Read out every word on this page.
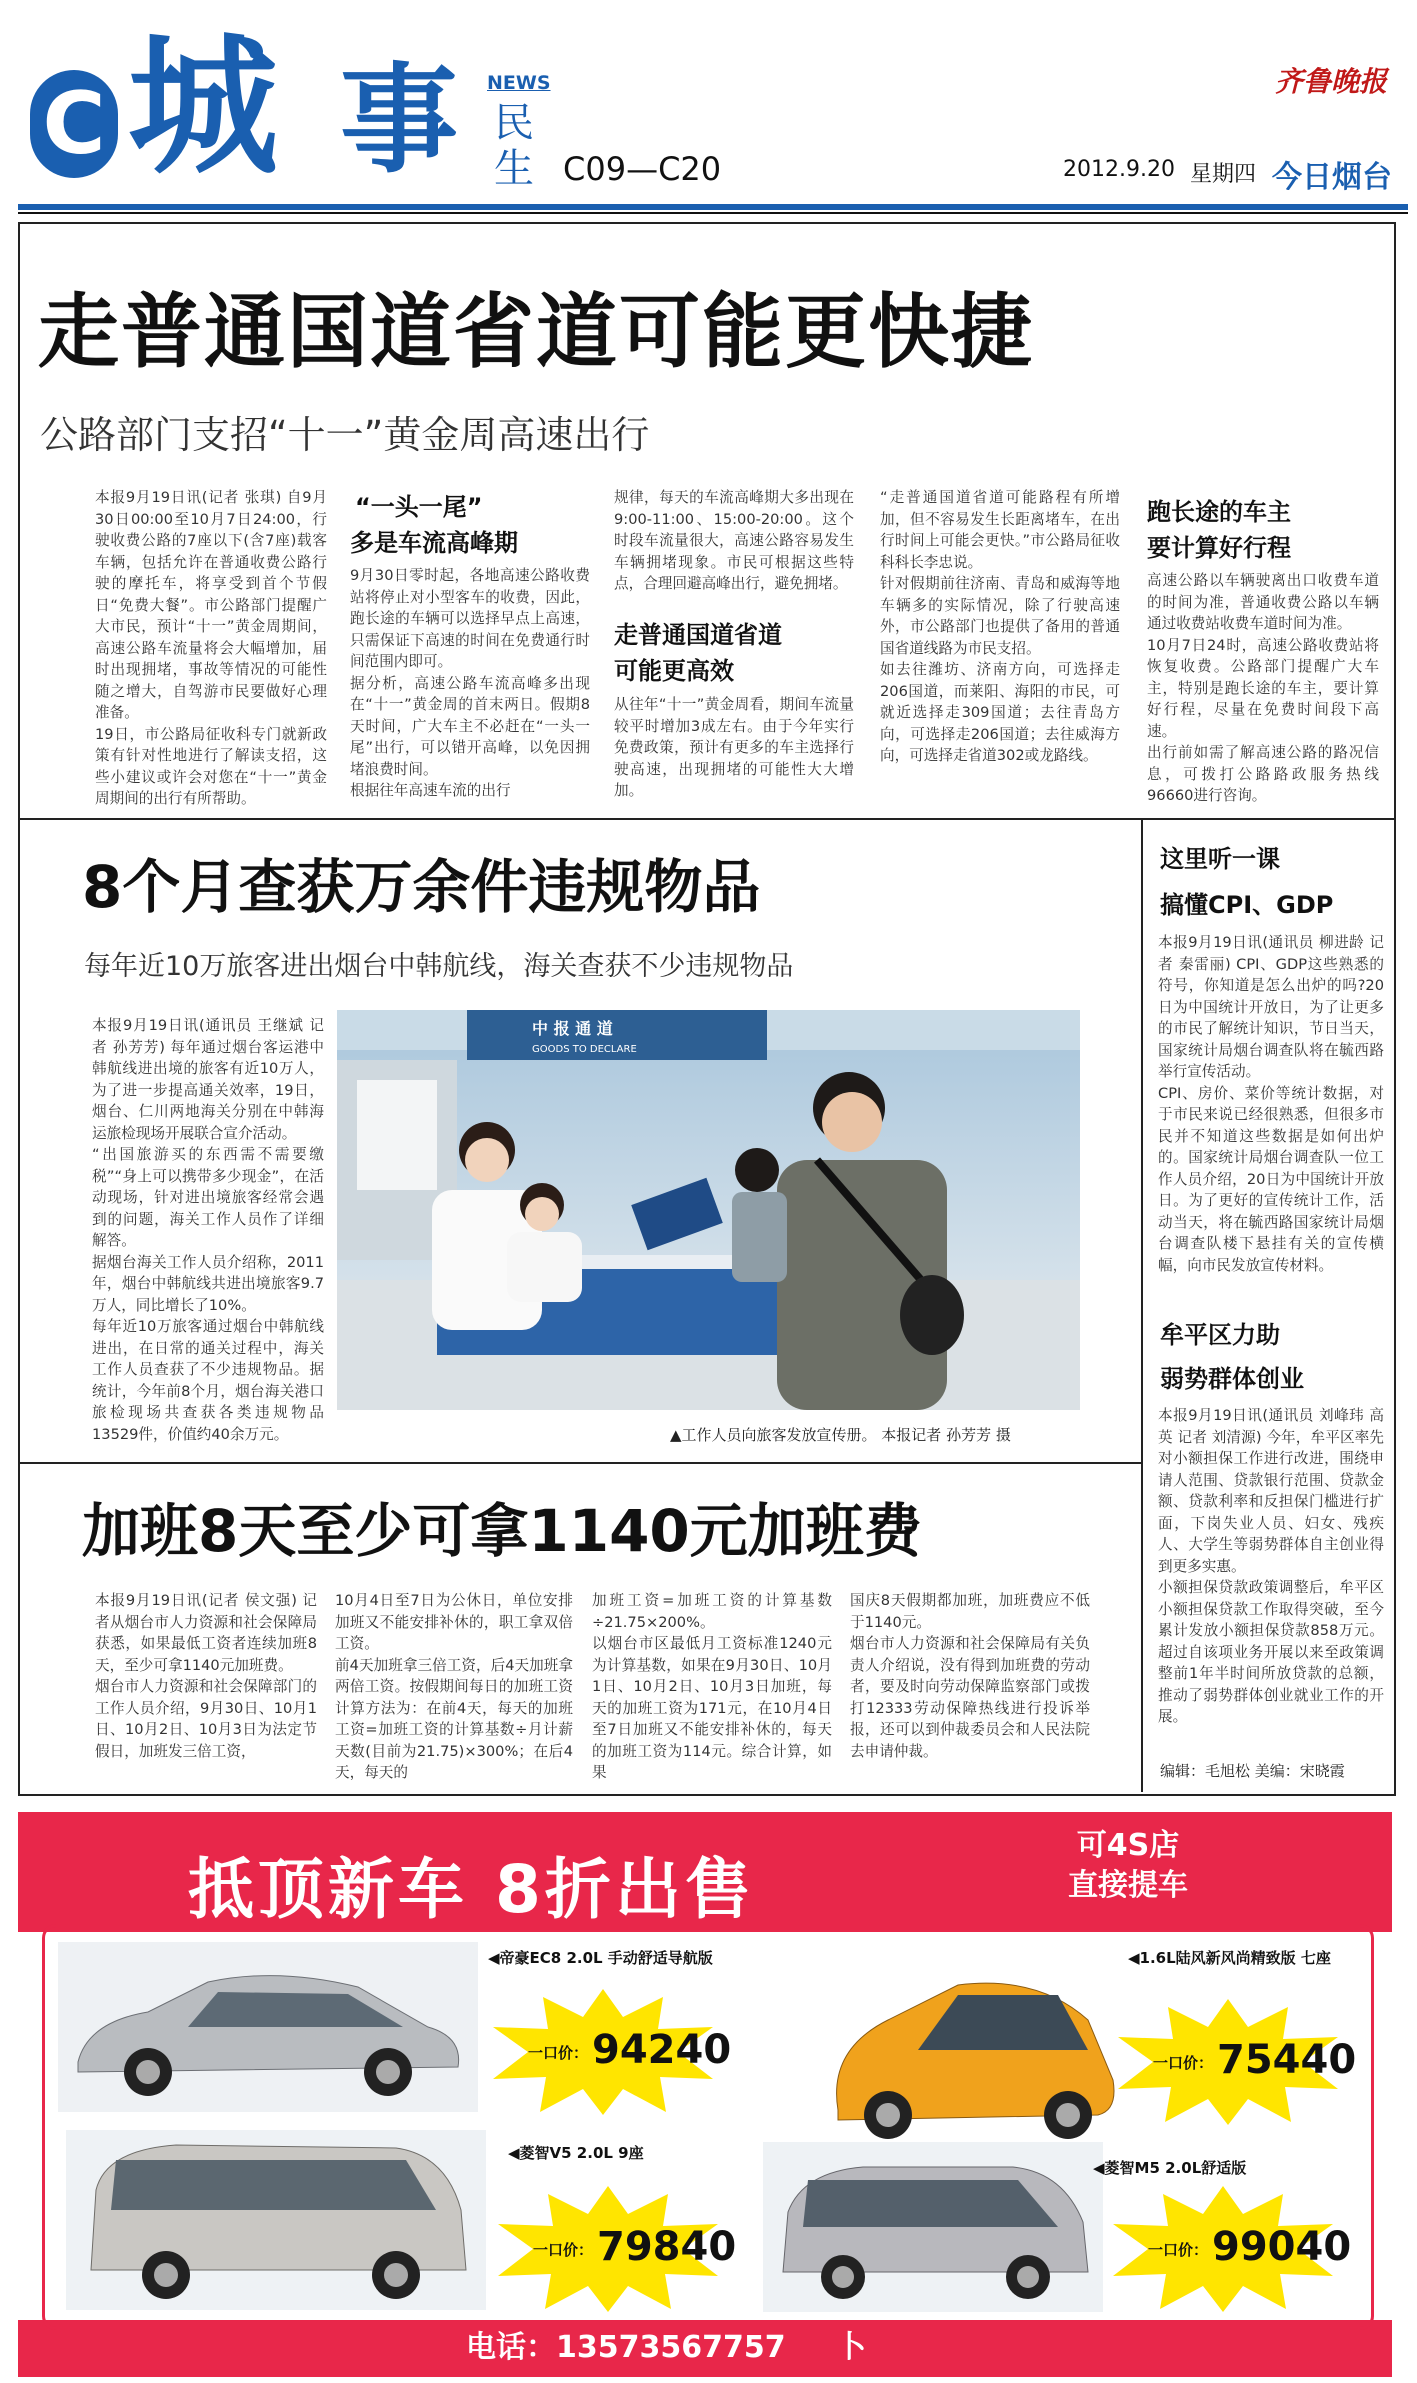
C 城 事 NEWS
民生 C09—C20
齐鲁晚报
2012.9.20 星期四 今日烟台
走普通国道省道可能更快捷
公路部门支招“十一”黄金周高速出行
本报9月19日讯(记者 张琪) 自9月30日00:00至10月7日24:00，行驶收费公路的7座以下(含7座)载客车辆，包括允许在普通收费公路行驶的摩托车，将享受到首个节假日“免费大餐”。市公路部门提醒广大市民，预计“十一”黄金周期间，高速公路车流量将会大幅增加，届时出现拥堵，事故等情况的可能性随之增大，自驾游市民要做好心理准备。
19日，市公路局征收科专门就新政策有针对性地进行了解读支招，这些小建议或许会对您在“十一”黄金周期间的出行有所帮助。
“一头一尾”
多是车流高峰期
9月30日零时起，各地高速公路收费站将停止对小型客车的收费，因此，跑长途的车辆可以选择早点上高速，只需保证下高速的时间在免费通行时间范围内即可。
据分析，高速公路车流高峰多出现在“十一”黄金周的首末两日。假期8天时间，广大车主不必赶在“一头一尾”出行，可以错开高峰，以免因拥堵浪费时间。
根据往年高速车流的出行
规律，每天的车流高峰期大多出现在9:00-11:00、15:00-20:00。这个时段车流量很大，高速公路容易发生车辆拥堵现象。市民可根据这些特点，合理回避高峰出行，避免拥堵。
走普通国道省道
可能更高效
从往年“十一”黄金周看，期间车流量较平时增加3成左右。由于今年实行免费政策，预计有更多的车主选择行驶高速，出现拥堵的可能性大大增加。
“走普通国道省道可能路程有所增加，但不容易发生长距离堵车，在出行时间上可能会更快。”市公路局征收科科长李忠说。
针对假期前往济南、青岛和威海等地车辆多的实际情况，除了行驶高速外，市公路部门也提供了备用的普通国省道线路为市民支招。
如去往潍坊、济南方向，可选择走206国道，而莱阳、海阳的市民，可就近选择走309国道；去往青岛方向，可选择走206国道；去往威海方向，可选择走省道302或龙路线。
跑长途的车主
要计算好行程
高速公路以车辆驶离出口收费车道的时间为准，普通收费公路以车辆通过收费站收费车道时间为准。
10月7日24时，高速公路收费站将恢复收费。公路部门提醒广大车主，特别是跑长途的车主，要计算好行程，尽量在免费时间段下高速。
出行前如需了解高速公路的路况信息，可拨打公路路政服务热线96660进行咨询。
8个月查获万余件违规物品
每年近10万旅客进出烟台中韩航线，海关查获不少违规物品
本报9月19日讯(通讯员 王继斌 记者 孙芳芳) 每年通过烟台客运港中韩航线进出境的旅客有近10万人，为了进一步提高通关效率，19日，烟台、仁川两地海关分别在中韩海运旅检现场开展联合宣介活动。
“出国旅游买的东西需不需要缴税”“身上可以携带多少现金”，在活动现场，针对进出境旅客经常会遇到的问题，海关工作人员作了详细解答。
据烟台海关工作人员介绍称，2011年，烟台中韩航线共进出境旅客9.7万人，同比增长了10%。
每年近10万旅客通过烟台中韩航线进出，在日常的通关过程中，海关工作人员查获了不少违规物品。据统计，今年前8个月，烟台海关港口旅检现场共查获各类违规物品13529件，价值约40余万元。
中 报 通 道
GOODS TO DECLARE
▲工作人员向旅客发放宣传册。 本报记者 孙芳芳 摄
加班8天至少可拿1140元加班费
本报9月19日讯(记者 侯文强) 记者从烟台市人力资源和社会保障局获悉，如果最低工资者连续加班8天，至少可拿1140元加班费。
烟台市人力资源和社会保障部门的工作人员介绍，9月30日、10月1日、10月2日、10月3日为法定节假日，加班发三倍工资，
10月4日至7日为公休日，单位安排加班又不能安排补休的，职工拿双倍工资。
前4天加班拿三倍工资，后4天加班拿两倍工资。按假期间每日的加班工资计算方法为：在前4天，每天的加班工资=加班工资的计算基数÷月计薪天数(目前为21.75)×300%；在后4天，每天的
加班工资=加班工资的计算基数÷21.75×200%。
以烟台市区最低月工资标准1240元为计算基数，如果在9月30日、10月1日、10月2日、10月3日加班，每天的加班工资为171元，在10月4日至7日加班又不能安排补休的，每天的加班工资为114元。综合计算，如果
国庆8天假期都加班，加班费应不低于1140元。
烟台市人力资源和社会保障局有关负责人介绍说，没有得到加班费的劳动者，要及时向劳动保障监察部门或拨打12333劳动保障热线进行投诉举报，还可以到仲裁委员会和人民法院去申请仲裁。
这里听一课
搞懂CPI、GDP
本报9月19日讯(通讯员 柳进龄 记者 秦雷丽) CPI、GDP这些熟悉的符号，你知道是怎么出炉的吗?20日为中国统计开放日，为了让更多的市民了解统计知识，节日当天，国家统计局烟台调查队将在毓西路举行宣传活动。
CPI、房价、菜价等统计数据，对于市民来说已经很熟悉，但很多市民并不知道这些数据是如何出炉的。国家统计局烟台调查队一位工作人员介绍，20日为中国统计开放日。为了更好的宣传统计工作，活动当天，将在毓西路国家统计局烟台调查队楼下悬挂有关的宣传横幅，向市民发放宣传材料。
牟平区力助
弱势群体创业
本报9月19日讯(通讯员 刘峰玮 高英 记者 刘清源) 今年，牟平区率先对小额担保工作进行改进，围绕申请人范围、贷款银行范围、贷款金额、贷款利率和反担保门槛进行扩面，下岗失业人员、妇女、残疾人、大学生等弱势群体自主创业得到更多实惠。
小额担保贷款政策调整后，牟平区小额担保贷款工作取得突破，至今累计发放小额担保贷款858万元。超过自该项业务开展以来至政策调整前1年半时间所放贷款的总额，推动了弱势群体创业就业工作的开展。
编辑：毛旭松 美编：宋晓霞
抵顶新车 8折出售
可4S店
直接提车
电话：13573567757 卜
◀帝豪EC8 2.0L 手动舒适导航版
一口价： 94240
◀1.6L陆风新风尚精致版 七座
一口价： 75440
◀菱智V5 2.0L 9座
一口价： 79840
◀菱智M5 2.0L舒适版
一口价： 99040
